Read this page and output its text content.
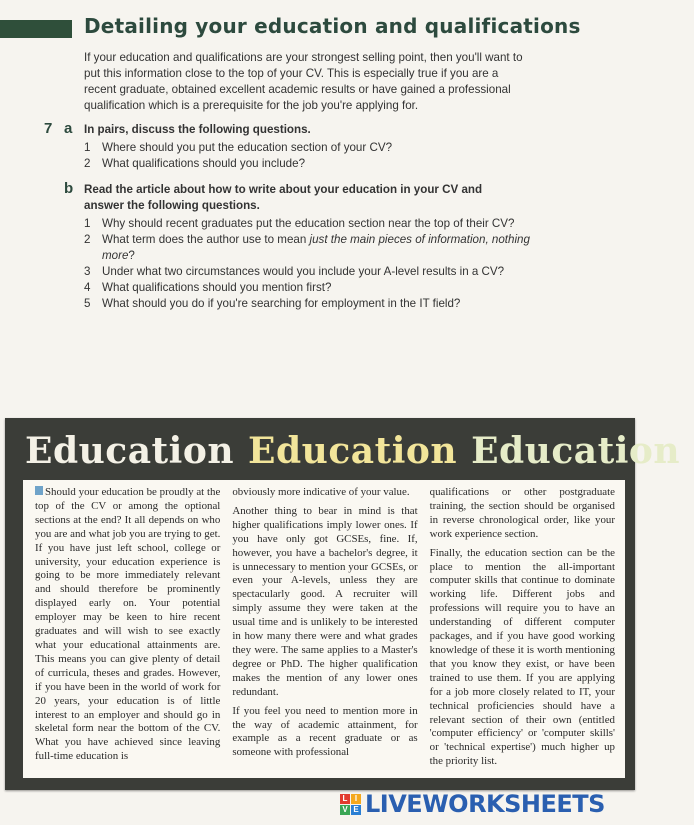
Detailing your education and qualifications

If your education and qualifications are your strongest selling point, then you'll want to put this information close to the top of your CV. This is especially true if you are a recent graduate, obtained excellent academic results or have gained a professional qualification which is a prerequisite for the job you're applying for.

7 a In pairs, discuss the following questions.

1 Where should you put the education section of your CV?
2 What qualifications should you include?
b Read the article about how to write about your education in your CV and answer the following questions.

1 Why should recent graduates put the education section near the top of their CV?
2 What term does the author use to mean just the main pieces of information, nothing more?
3 Under what two circumstances would you include your A-level results in a CV?
4 What qualifications should you mention first?
5 What should you do if you're searching for employment in the IT field?
Education Education Education

Should your education be proudly at the top of the CV or among the optional sections at the end? It all depends on who you are and what job you are trying to get. If you have just left school, college or university, your education experience is going to be more immediately relevant and should therefore be prominently displayed early on. Your potential employer may be keen to hire recent graduates and will wish to see exactly what your educational attainments are. This means you can give plenty of detail of curricula, theses and grades. However, if you have been in the world of work for 20 years, your education is of little interest to an employer and should go in skeletal form near the bottom of the CV. What you have achieved since leaving full-time education is

obviously more indicative of your value.

Another thing to bear in mind is that higher qualifications imply lower ones. If you have only got GCSEs, fine. If, however, you have a bachelor's degree, it is unnecessary to mention your GCSEs, or even your A-levels, unless they are spectacularly good. A recruiter will simply assume they were taken at the usual time and is unlikely to be interested in how many there were and what grades they were. The same applies to a Master's degree or PhD. The higher qualification makes the mention of any lower ones redundant.

If you feel you need to mention more in the way of academic attainment, for example as a recent graduate or as someone with professional

qualifications or other postgraduate training, the section should be organised in reverse chronological order, like your work experience section.

Finally, the education section can be the place to mention the all-important computer skills that continue to dominate working life. Different jobs and professions will require you to have an understanding of different computer packages, and if you have good working knowledge of these it is worth mentioning that you know they exist, or have been trained to use them. If you are applying for a job more closely related to IT, your technical proficiencies should have a relevant section of their own (entitled 'computer efficiency' or 'computer skills' or 'technical expertise') much higher up the priority list.

L I
V E LIVEWORKSHEETS
